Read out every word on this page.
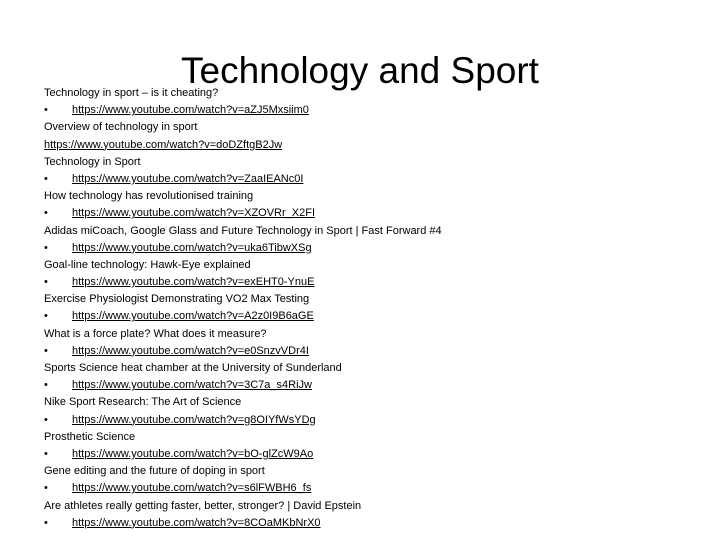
Technology and Sport
Technology in sport – is it cheating?
•	https://www.youtube.com/watch?v=aZJ5Mxsiim0
Overview of technology in sport
https://www.youtube.com/watch?v=doDZftgB2Jw
Technology in Sport
•	https://www.youtube.com/watch?v=ZaaIEANc0I
How technology has revolutionised training
•	https://www.youtube.com/watch?v=XZOVRr_X2FI
Adidas miCoach, Google Glass and Future Technology in Sport | Fast Forward #4
•	https://www.youtube.com/watch?v=uka6TibwXSg
Goal-line technology: Hawk-Eye explained
•	https://www.youtube.com/watch?v=exEHT0-YnuE
Exercise Physiologist Demonstrating VO2 Max Testing
•	https://www.youtube.com/watch?v=A2z0I9B6aGE
What is a force plate? What does it measure?
•	https://www.youtube.com/watch?v=e0SnzvVDr4I
Sports Science heat chamber at the University of Sunderland
•	https://www.youtube.com/watch?v=3C7a_s4RiJw
Nike Sport Research: The Art of Science
•	https://www.youtube.com/watch?v=g8OIYfWsYDg
Prosthetic Science
•	https://www.youtube.com/watch?v=bO-glZcW9Ao
Gene editing and the future of doping in sport
•	https://www.youtube.com/watch?v=s6lFWBH6_fs
Are athletes really getting faster, better, stronger? | David Epstein
•	https://www.youtube.com/watch?v=8COaMKbNrX0
